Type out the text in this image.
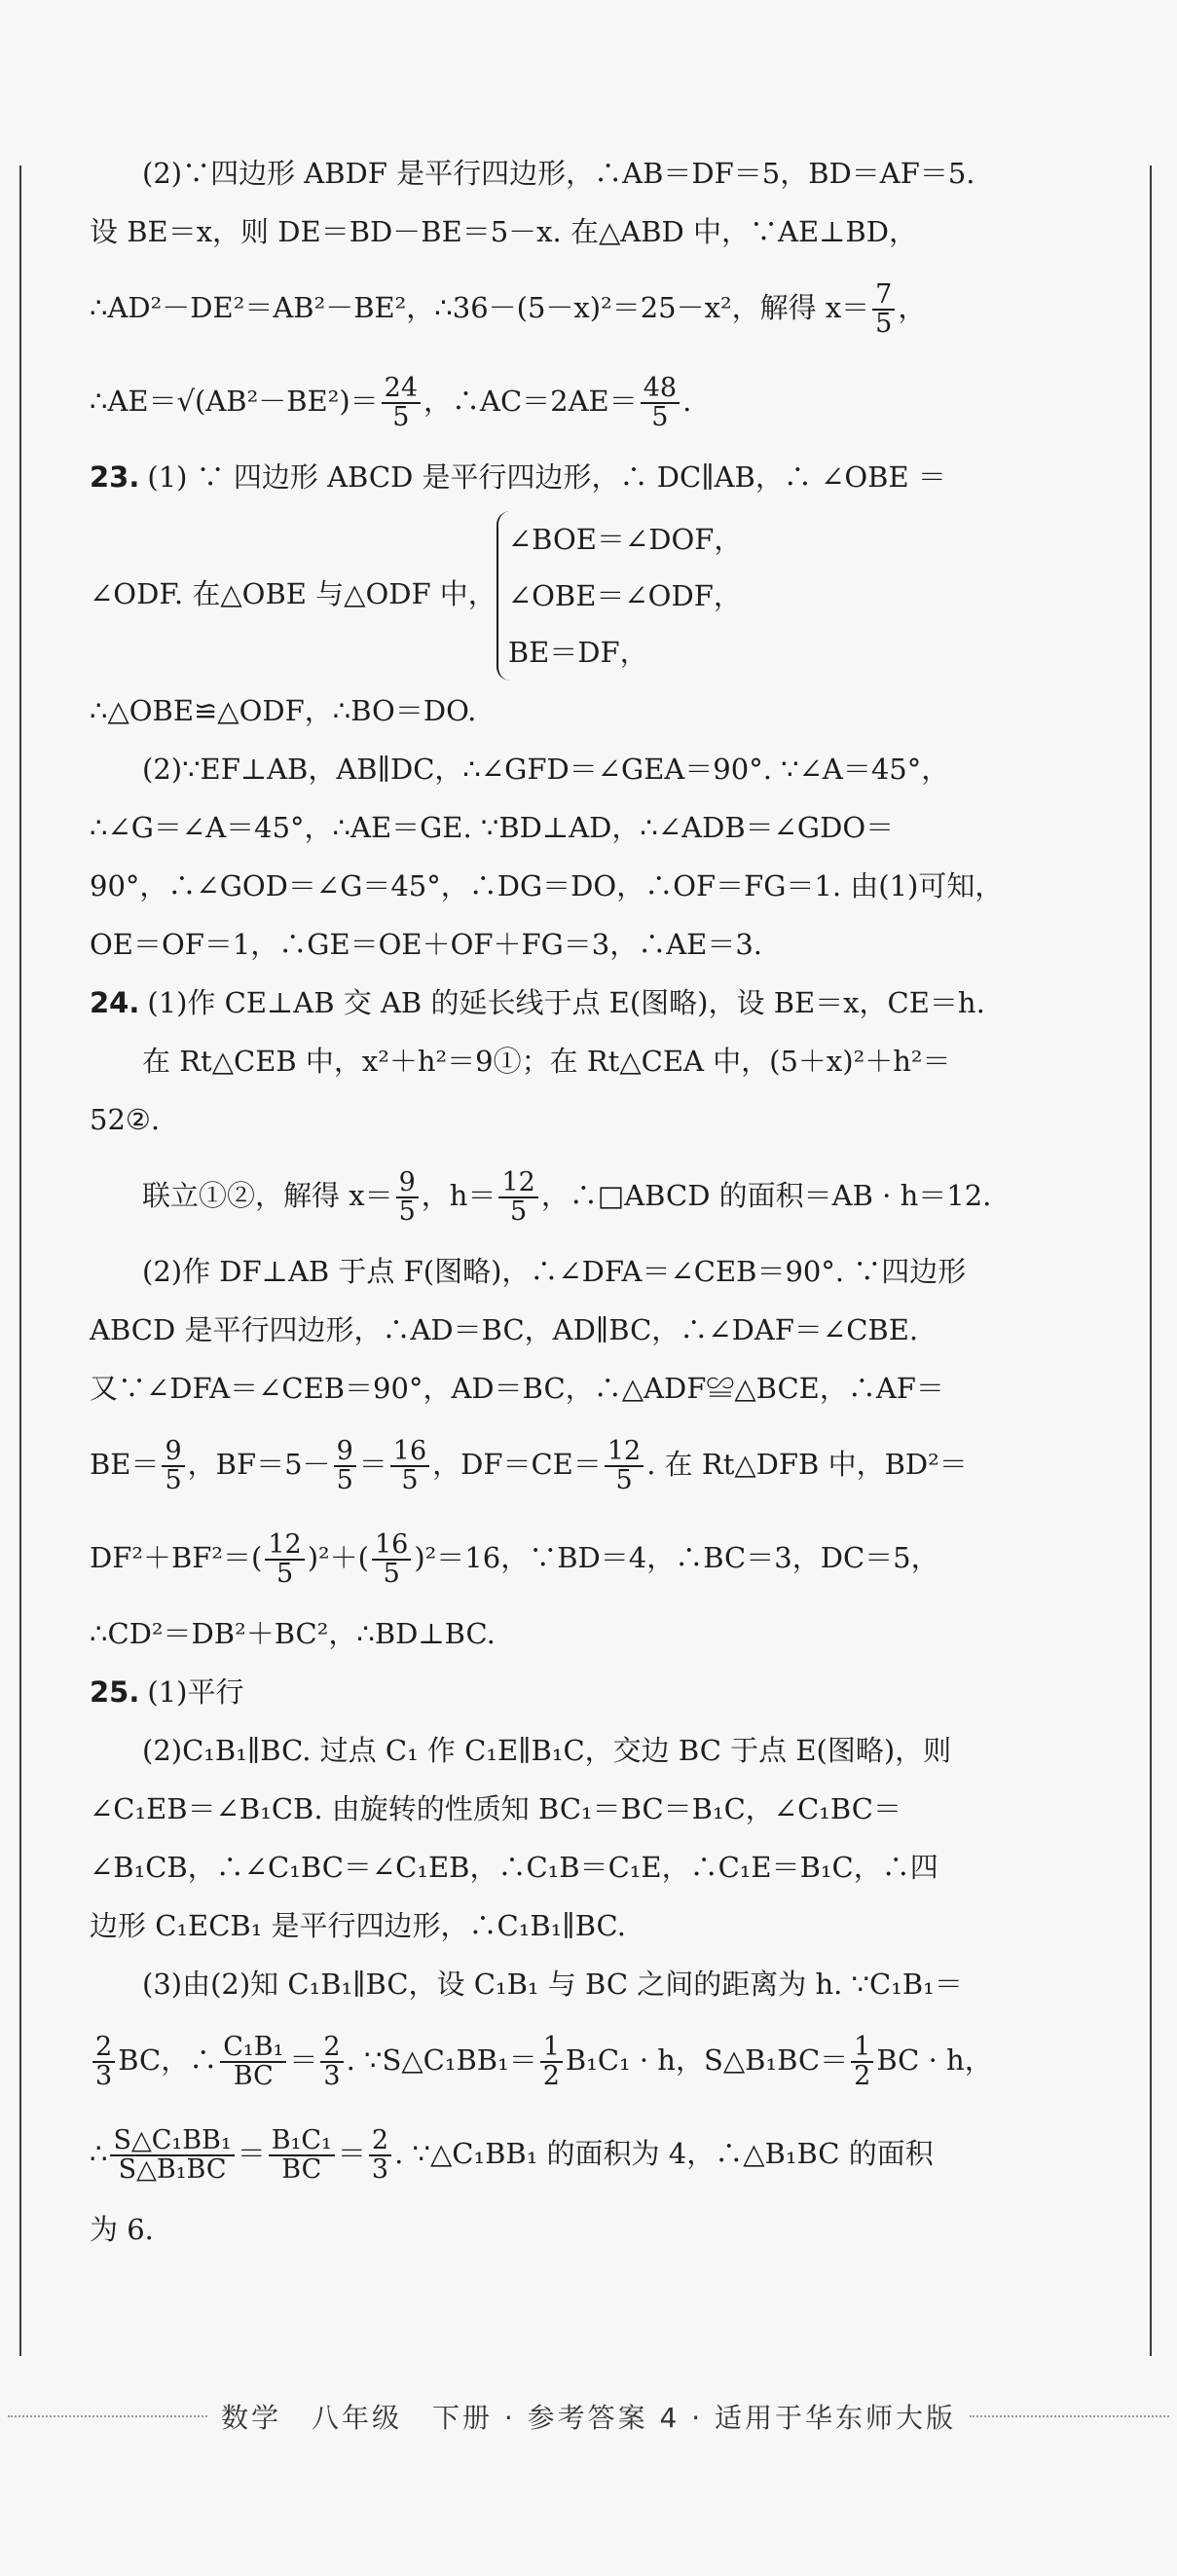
(2)∵四边形 ABDF 是平行四边形，∴AB＝DF＝5，BD＝AF＝5.

设 BE＝x，则 DE＝BD－BE＝5－x. 在△ABD 中，∵AE⊥BD，

∴AD²－DE²＝AB²－BE²，∴36－(5－x)²＝25－x²，解得 $x= \frac{7}{5}$ ，

∴AE＝√(AB²－BE²)＝ $\frac{24}{5}$ ，∴AC＝2AE＝ $\frac{48}{5}$ .

23. (1) ∵ 四边形 ABCD 是平行四边形，∴ DC∥AB，∴ ∠OBE ＝

∠ODF. 在△OBE 与△ODF 中，
∠BOE＝∠DOF，
∠OBE＝∠ODF，
BE＝DF，

∴△OBE≌△ODF，∴BO＝DO.

(2)∵EF⊥AB，AB∥DC，∴∠GFD＝∠GEA＝90°. ∵∠A＝45°，

∴∠G＝∠A＝45°，∴AE＝GE. ∵BD⊥AD，∴∠ADB＝∠GDO＝

90°，∴∠GOD＝∠G＝45°，∴DG＝DO，∴OF＝FG＝1. 由(1)可知，

OE＝OF＝1，∴GE＝OE＋OF＋FG＝3，∴AE＝3.

24. (1)作 CE⊥AB 交 AB 的延长线于点 E(图略)，设 BE＝x，CE＝h.

在 Rt△CEB 中，x²＋h²＝9①；在 Rt△CEA 中，(5＋x)²＋h²＝

52②.

联立①②，解得 $x= \frac{9}{5}$ ，$h= \frac{12}{5}$ ，∴□ABCD 的面积＝AB · h＝12.

(2)作 DF⊥AB 于点 F(图略)，∴∠DFA＝∠CEB＝90°. ∵四边形

ABCD 是平行四边形，∴AD＝BC，AD∥BC，∴∠DAF＝∠CBE.

又∵∠DFA＝∠CEB＝90°，AD＝BC，∴△ADF≌△BCE，∴AF＝

$BE= \frac{9}{5}$ ，$BF=5- \frac{9}{5} = \frac{16}{5}$ ，$DF=CE= \frac{12}{5}$ . 在 Rt△DFB 中，BD²＝

$DF^2+BF^2=( \frac{12}{5} )^2+( \frac{16}{5} )^2=16$，∵BD＝4，∴BC＝3，DC＝5，

∴CD²＝DB²＋BC²，∴BD⊥BC.

25. (1)平行

(2)C₁B₁∥BC. 过点 C₁ 作 C₁E∥B₁C，交边 BC 于点 E(图略)，则

∠C₁EB＝∠B₁CB. 由旋转的性质知 BC₁＝BC＝B₁C，∠C₁BC＝

∠B₁CB，∴∠C₁BC＝∠C₁EB，∴C₁B＝C₁E，∴C₁E＝B₁C，∴四

边形 C₁ECB₁ 是平行四边形，∴C₁B₁∥BC.

(3)由(2)知 C₁B₁∥BC，设 C₁B₁ 与 BC 之间的距离为 h. ∵C₁B₁＝

$\frac{2}{3}$ BC，∴ $\frac{\text{C₁B₁}}{BC} = \frac{2}{3}$ . ∵S△C₁BB₁＝ $\frac{1}{2} B_1C_1 \cdot h$，S△B₁BC＝ $\frac{1}{2}$ BC · h，

∴ $\frac{\text{S△C₁BB₁}}{\text{S△B₁BC}} = \frac{\text{B₁C₁}}{BC} = \frac{2}{3}$ . ∵△C₁BB₁ 的面积为 4，∴△B₁BC 的面积

为 6.

数学　八年级　下册 · 参考答案 4 · 适用于华东师大版
